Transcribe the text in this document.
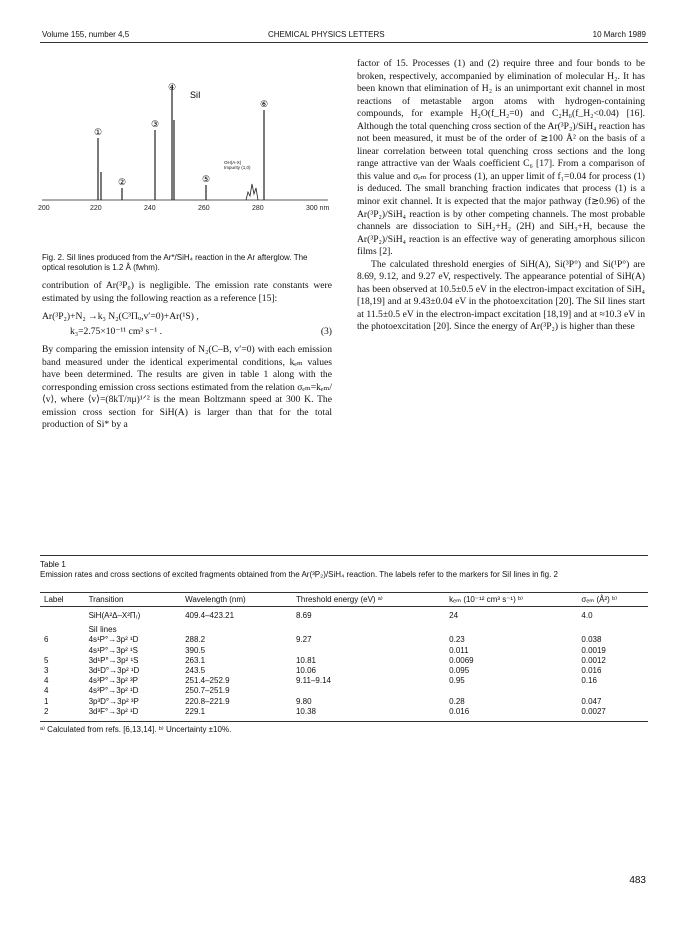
Volume 155, number 4,5	CHEMICAL PHYSICS LETTERS	10 March 1989
200	220	240	260	280	300 nm
④
③
①
②	⑤
⑥
SiI
OH(A-X) Impurity (1,0)
Fig. 2. SiI lines produced from the Ar*/SiH₄ reaction in the Ar afterglow. The optical resolution is 1.2 Å (fwhm).

contribution of Ar(³P₀) is negligible. The emission rate constants were estimated by using the following reaction as a reference [15]:

Ar(³P₂)+N₂ →k₃ N₂(C³Πᵤ,v′=0)+Ar(¹S) ,
k₃=2.75×10⁻¹¹ cm³ s⁻¹ .	(3)

By comparing the emission intensity of N₂(C–B, v′=0) with each emission band measured under the identical experimental conditions, kₑₘ values have been determined. The results are given in table 1 along with the corresponding emission cross sections estimated from the relation σₑₘ=kₑₘ/⟨v⟩, where ⟨v⟩=(8kT/πμ)¹ᐟ² is the mean Boltzmann speed at 300 K. The emission cross section for SiH(A) is larger than that for the total production of Si* by a

factor of 15. Processes (1) and (2) require three and four bonds to be broken, respectively, accompanied by elimination of molecular H₂. It has been known that elimination of H₂ is an unimportant exit channel in most reactions of metastable argon atoms with hydrogen-containing compounds, for example H₂O(f_H₂=0) and C₂H₆(f_H₂<0.04) [16]. Although the total quenching cross section of the Ar(³P₂)/SiH₄ reaction has not been measured, it must be of the order of ≳100 Å² on the basis of a linear correlation between total quenching cross sections and the long range attractive van der Waals coefficient C₆ [17]. From a comparison of this value and σₑₘ for process (1), an upper limit of f₁=0.04 for process (1) is deduced. The small branching fraction indicates that process (1) is a minor exit channel. It is expected that the major pathway (f≳0.96) of the Ar(³P₂)/SiH₄ reaction is by other competing channels. The most probable channels are dissociation to SiH₂+H₂ (2H) and SiH₃+H, because the Ar(³P₂)/SiH₄ reaction is an effective way of generating amorphous silicon films [2].

The calculated threshold energies of SiH(A), Si(³P°) and Si(¹P°) are 8.69, 9.12, and 9.27 eV, respectively. The appearance potential of SiH(A) has been observed at 10.5±0.5 eV in the electron-impact excitation of SiH₄ [18,19] and at 9.43±0.04 eV in the photoexcitation [20]. The SiI lines start at 11.5±0.5 eV in the electron-impact excitation [18,19] and at ≈10.3 eV in the photoexcitation [20]. Since the energy of Ar(³P₂) is higher than these

Table 1
Emission rates and cross sections of excited fragments obtained from the Ar(³P₂)/SiH₄ reaction. The labels refer to the markers for SiI lines in fig. 2
Label	Transition	Wavelength (nm)	Threshold energy (eV) ᵃ⁾	kₑₘ (10⁻¹² cm³ s⁻¹) ᵇ⁾	σₑₘ (Å²) ᵇ⁾
	SiH(A²Δ–X²Πᵣ)	409.4–423.21	8.69	24	4.0
	SiI lines				
6	4s¹P°→3p² ¹D	288.2	9.27	0.23	0.038
	4s¹P°→3p² ¹S	390.5		0.011	0.0019
5	3d¹P°→3p² ¹S	263.1	10.81	0.0069	0.0012
3	3d¹D°→3p² ¹D	243.5	10.06	0.095	0.016
4	4s³P°→3p² ³P	251.4–252.9	9.11–9.14	0.95	0.16
4	4s³P°→3p² ¹D	250.7–251.9			
1	3p³D°→3p² ³P	220.8–221.9	9.80	0.28	0.047
2	3d³F°→3p² ¹D	229.1	10.38	0.016	0.0027
ᵃ⁾ Calculated from refs. [6,13,14]. ᵇ⁾ Uncertainty ±10%.
483
